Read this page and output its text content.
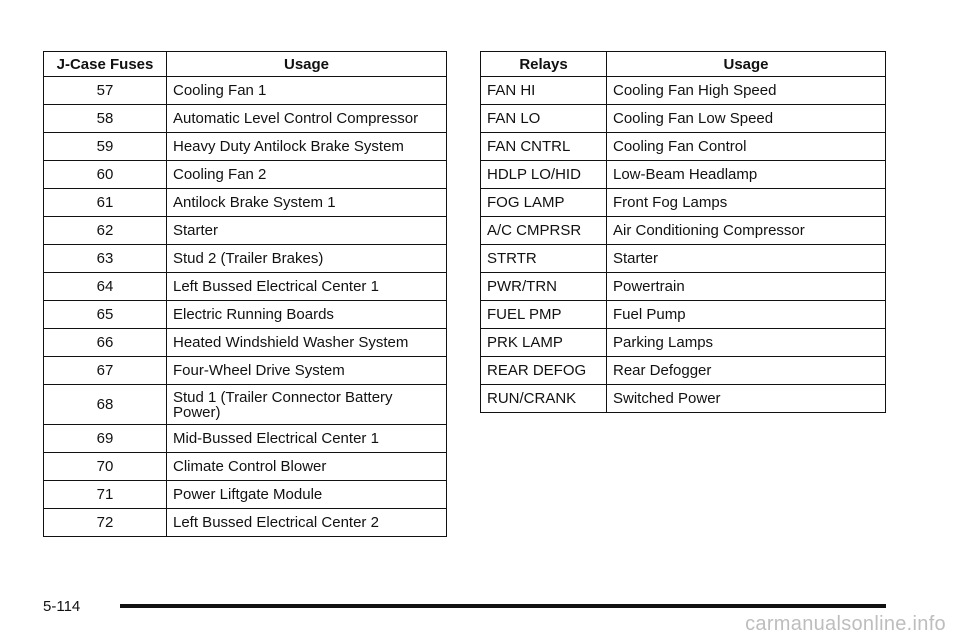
J-Case Fuses	Usage
57	Cooling Fan 1
58	Automatic Level Control Compressor
59	Heavy Duty Antilock Brake System
60	Cooling Fan 2
61	Antilock Brake System 1
62	Starter
63	Stud 2 (Trailer Brakes)
64	Left Bussed Electrical Center 1
65	Electric Running Boards
66	Heated Windshield Washer System
67	Four-Wheel Drive System
68	Stud 1 (Trailer Connector Battery Power)
69	Mid-Bussed Electrical Center 1
70	Climate Control Blower
71	Power Liftgate Module
72	Left Bussed Electrical Center 2
Relays	Usage
FAN HI	Cooling Fan High Speed
FAN LO	Cooling Fan Low Speed
FAN CNTRL	Cooling Fan Control
HDLP LO/HID	Low-Beam Headlamp
FOG LAMP	Front Fog Lamps
A/C CMPRSR	Air Conditioning Compressor
STRTR	Starter
PWR/TRN	Powertrain
FUEL PMP	Fuel Pump
PRK LAMP	Parking Lamps
REAR DEFOG	Rear Defogger
RUN/CRANK	Switched Power
5-114
carmanualsonline.info
